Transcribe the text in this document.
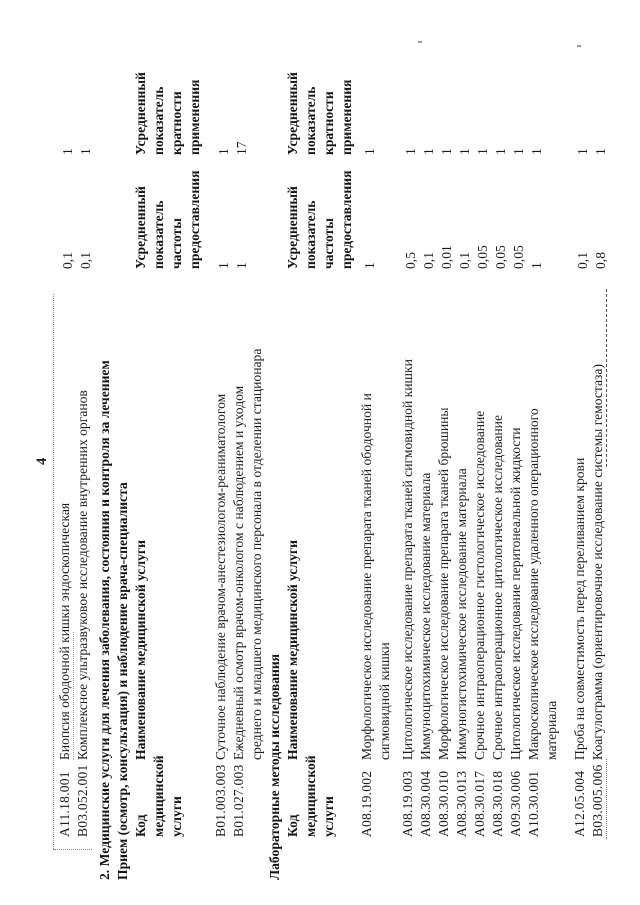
4
A11.18.001
Биопсия ободочной кишки эндоскопическая
0,1
1
B03.052.001
Комплексное ультразвуковое исследование внутренних органов
0,1
1
2. Медицинские услуги для лечения заболевания, состояния и контроля за лечением Прием (осмотр, консультация) и наблюдение врача-специалиста Код медицинской услуги
Наименование медицинской услуги
Усредненный показатель частоты предоставления
Усредненный показатель кратности применения
B01.003.003
Суточное наблюдение врачом-анестезиологом-реаниматологом
1
1
B01.027.003
Ежедневный осмотр врачом-онкологом с наблюдением и уходом среднего и младшего медицинского персонала в отделении стационара
1
17
Лабораторные методы исследования Код медицинской услуги
Наименование медицинской услуги
Усредненный показатель частоты предоставления
Усредненный показатель кратности применения
A08.19.002
Морфологическое исследование препарата тканей ободочной и сигмовидной кишки
1
1
A08.19.003
Цитологическое исследование препарата тканей сигмовидной кишки
0,5
1
A08.30.004
Иммуноцитохимическое исследование материала
0,1
1
A08.30.010
Морфологическое исследование препарата тканей брюшины
0,01
1
A08.30.013
Иммуногистохимическое исследование материала
0,1
1
A08.30.017
Срочное интраоперационное гистологическое исследование
0,05
1
A08.30.018
Срочное интраоперационное цитологическое исследование
0,05
1
A09.30.006
Цитологическое исследование перитонеальной жидкости
0,05
1
A10.30.001
Макроскопическое исследование удаленного операционного материала
1
1
A12.05.004
Проба на совместимость перед переливанием крови
0,1
1
B03.005.006
Коагулограмма (ориентировочное исследование системы гемостаза)
0,8
1
